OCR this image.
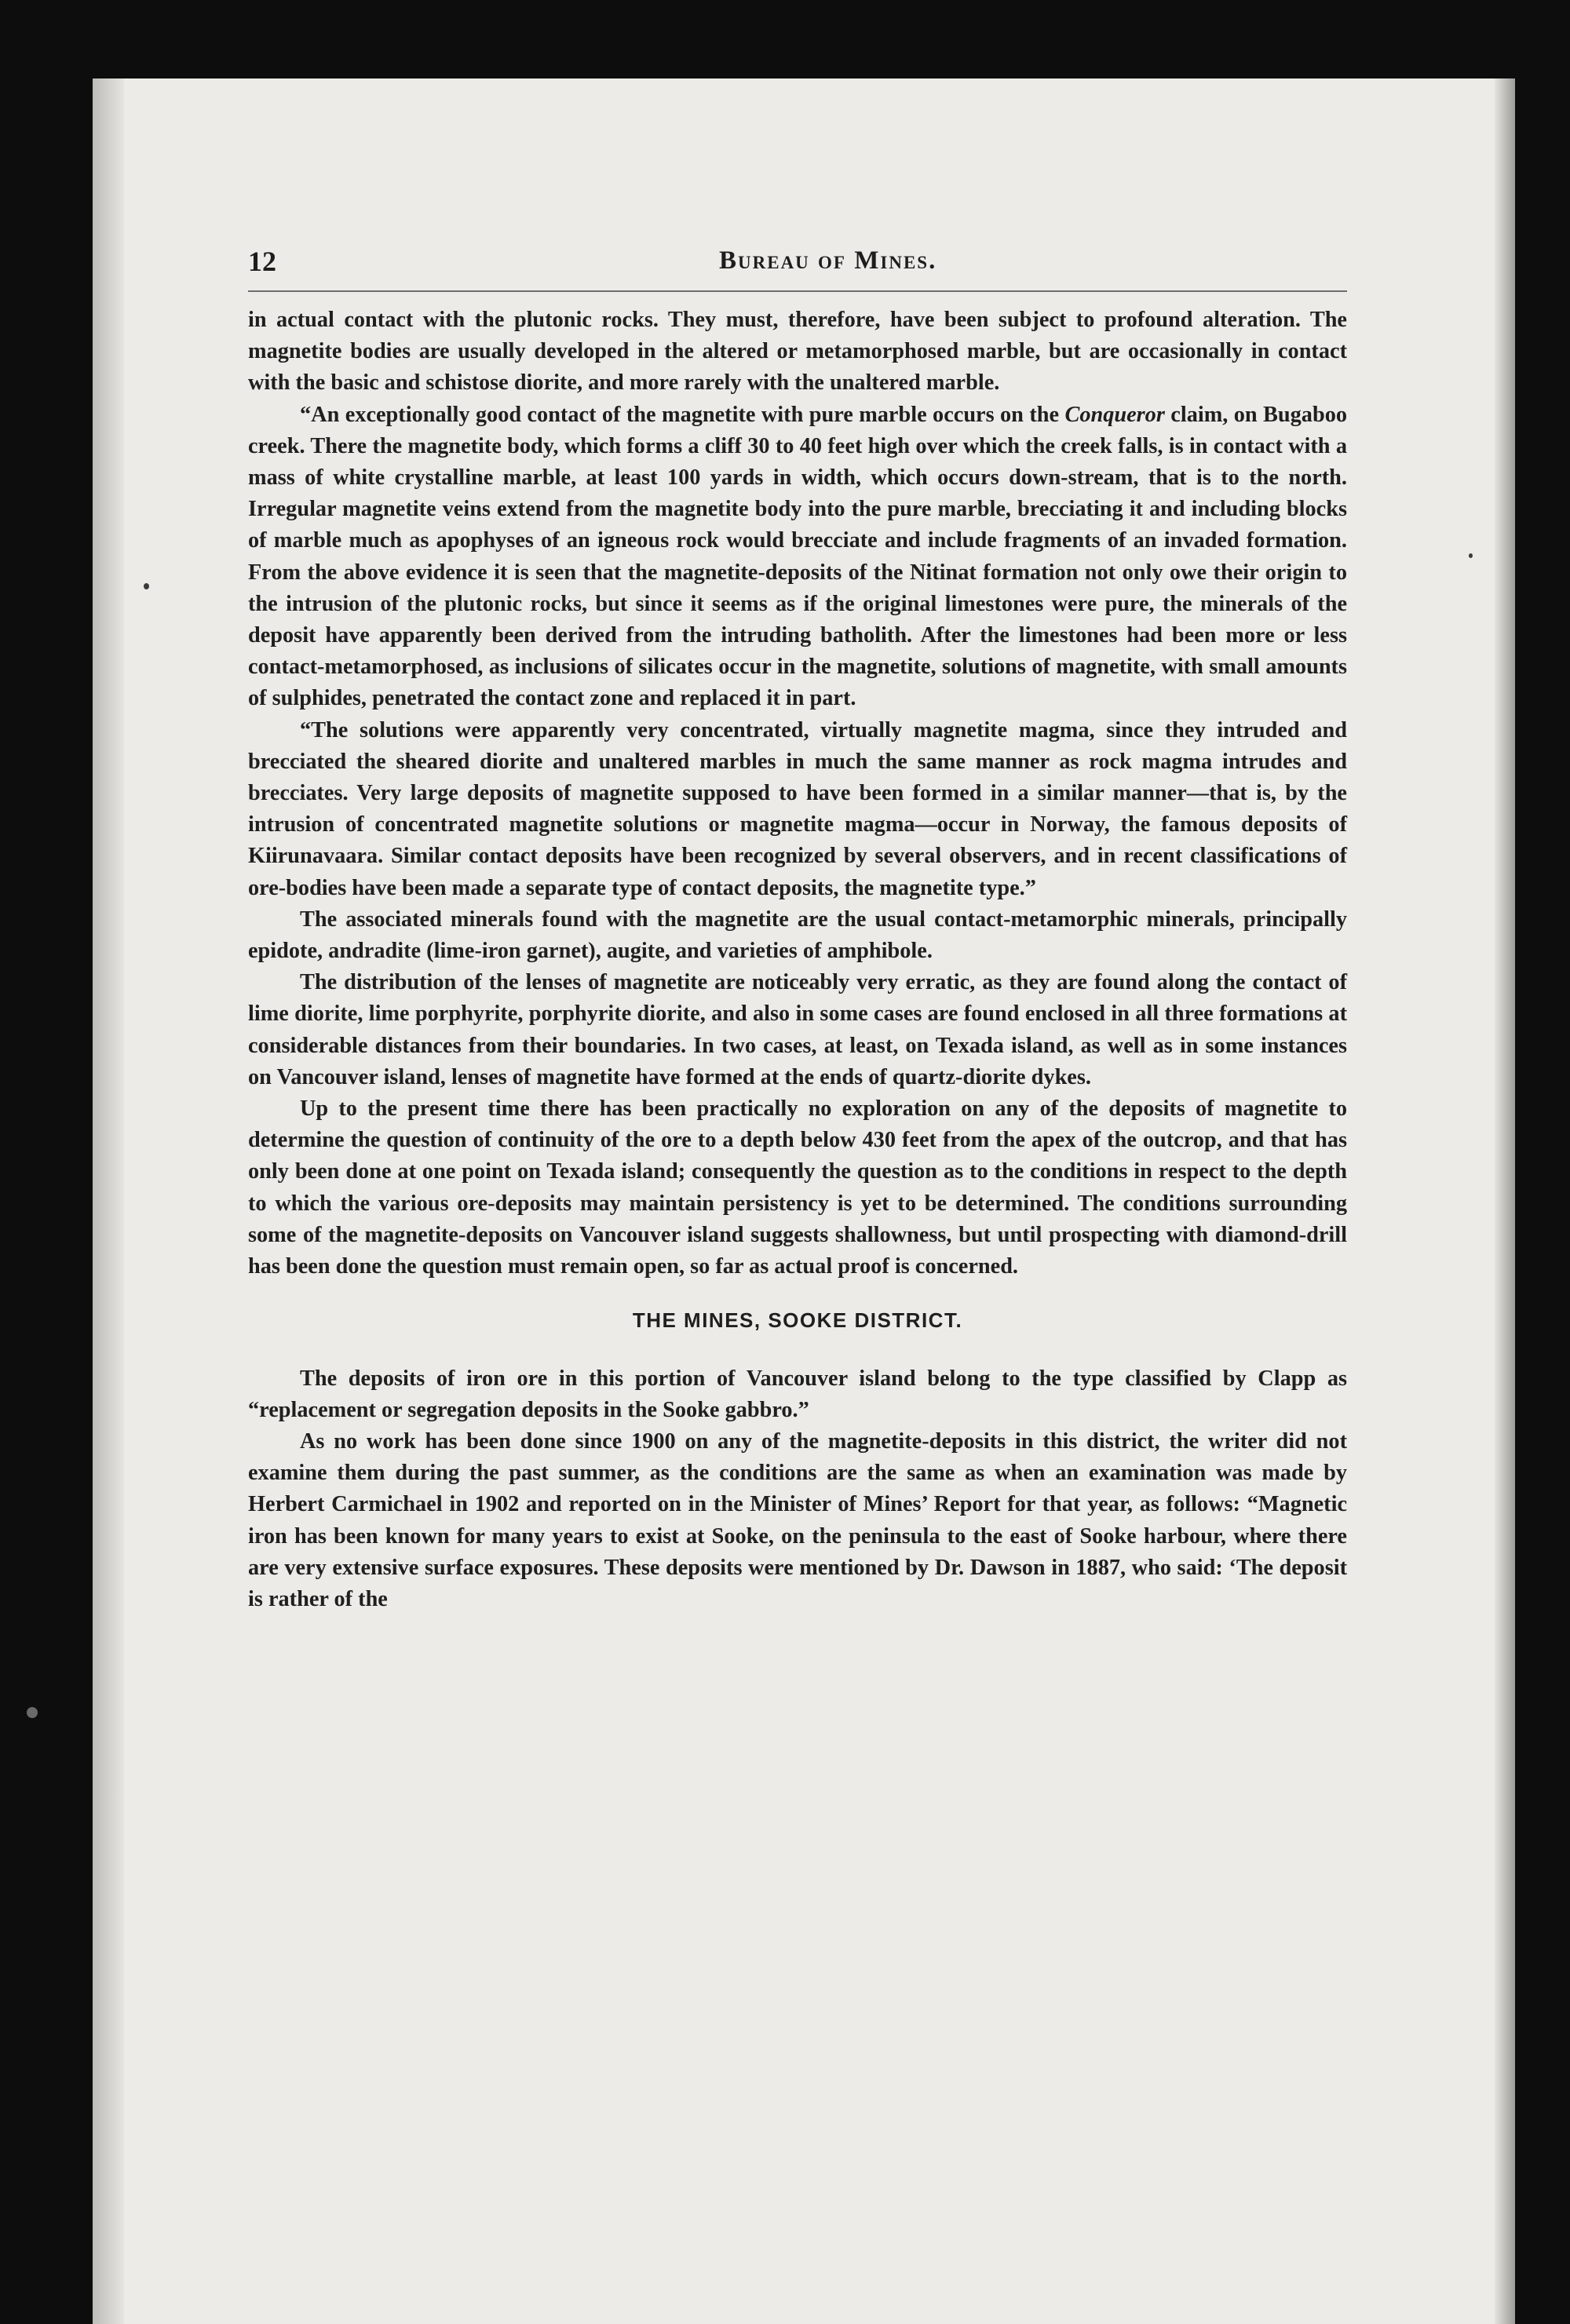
12	Bureau of Mines.

in actual contact with the plutonic rocks. They must, therefore, have been subject to profound alteration. The magnetite bodies are usually developed in the altered or metamorphosed marble, but are occasionally in contact with the basic and schistose diorite, and more rarely with the unaltered marble.

“An exceptionally good contact of the magnetite with pure marble occurs on the Conqueror claim, on Bugaboo creek. There the magnetite body, which forms a cliff 30 to 40 feet high over which the creek falls, is in contact with a mass of white crystalline marble, at least 100 yards in width, which occurs down-stream, that is to the north. Irregular magnetite veins extend from the magnetite body into the pure marble, brecciating it and including blocks of marble much as apophyses of an igneous rock would brecciate and include fragments of an invaded formation. From the above evidence it is seen that the magnetite-deposits of the Nitinat formation not only owe their origin to the intrusion of the plutonic rocks, but since it seems as if the original limestones were pure, the minerals of the deposit have apparently been derived from the intruding batholith. After the limestones had been more or less contact-metamorphosed, as inclusions of silicates occur in the magnetite, solutions of magnetite, with small amounts of sulphides, penetrated the contact zone and replaced it in part.

“The solutions were apparently very concentrated, virtually magnetite magma, since they intruded and brecciated the sheared diorite and unaltered marbles in much the same manner as rock magma intrudes and brecciates. Very large deposits of magnetite supposed to have been formed in a similar manner—that is, by the intrusion of concentrated magnetite solutions or magnetite magma—occur in Norway, the famous deposits of Kiirunavaara. Similar contact deposits have been recognized by several observers, and in recent classifications of ore-bodies have been made a separate type of contact deposits, the magnetite type.”

The associated minerals found with the magnetite are the usual contact-metamorphic minerals, principally epidote, andradite (lime-iron garnet), augite, and varieties of amphibole.

The distribution of the lenses of magnetite are noticeably very erratic, as they are found along the contact of lime diorite, lime porphyrite, porphyrite diorite, and also in some cases are found enclosed in all three formations at considerable distances from their boundaries. In two cases, at least, on Texada island, as well as in some instances on Vancouver island, lenses of magnetite have formed at the ends of quartz-diorite dykes.

Up to the present time there has been practically no exploration on any of the deposits of magnetite to determine the question of continuity of the ore to a depth below 430 feet from the apex of the outcrop, and that has only been done at one point on Texada island; consequently the question as to the conditions in respect to the depth to which the various ore-deposits may maintain persistency is yet to be determined. The conditions surrounding some of the magnetite-deposits on Vancouver island suggests shallowness, but until prospecting with diamond-drill has been done the question must remain open, so far as actual proof is concerned.

THE MINES, SOOKE DISTRICT.

The deposits of iron ore in this portion of Vancouver island belong to the type classified by Clapp as “replacement or segregation deposits in the Sooke gabbro.”

As no work has been done since 1900 on any of the magnetite-deposits in this district, the writer did not examine them during the past summer, as the conditions are the same as when an examination was made by Herbert Carmichael in 1902 and reported on in the Minister of Mines’ Report for that year, as follows: “Magnetic iron has been known for many years to exist at Sooke, on the peninsula to the east of Sooke harbour, where there are very extensive surface exposures. These deposits were mentioned by Dr. Dawson in 1887, who said: ‘The deposit is rather of the
